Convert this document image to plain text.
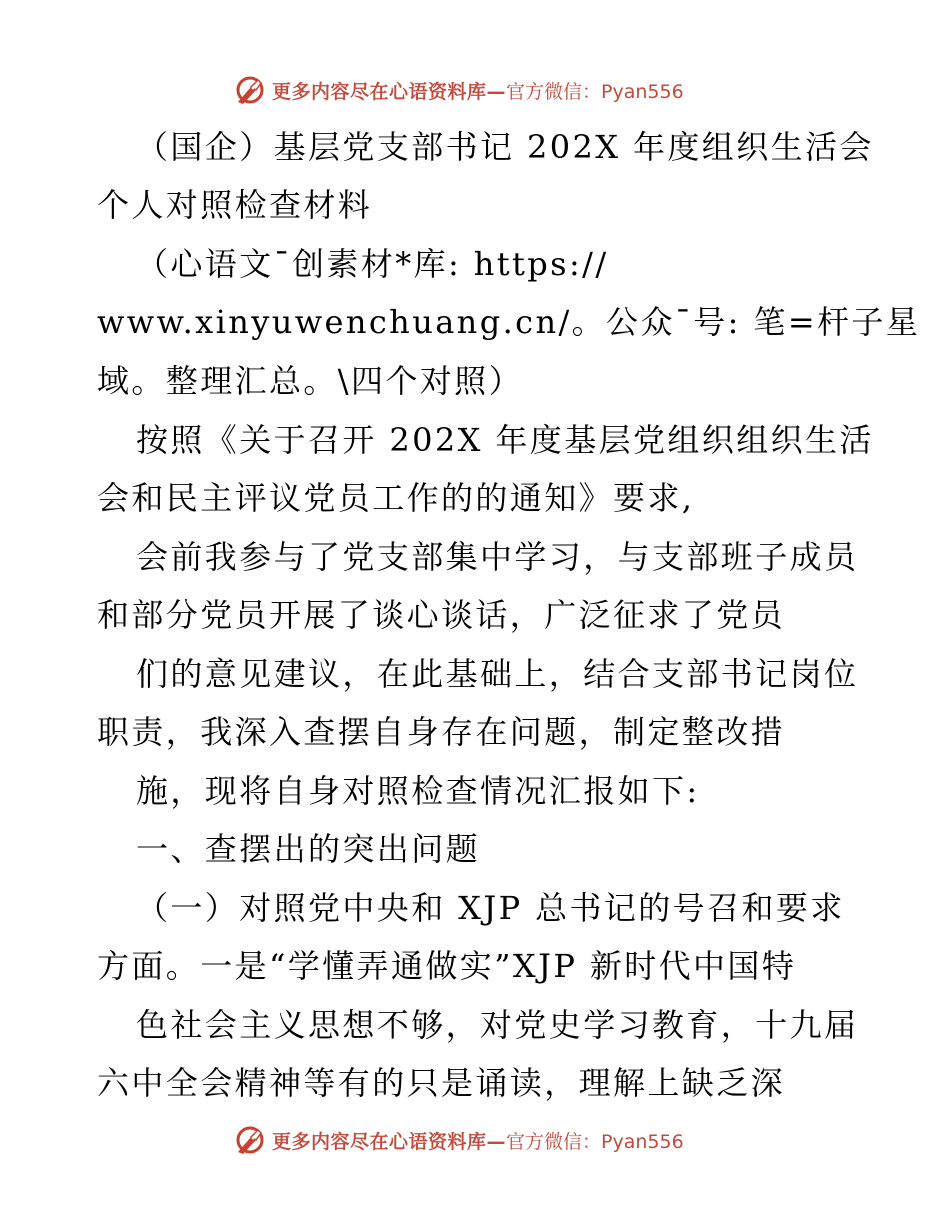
更多内容尽在心语资料库— 官方微信：Pyan556
（国企）基层党支部书记 202X 年度组织生活会
个人对照检查材料
（心语文¯创素材*库: https://
www.xinyuwenchuang.cn/。公众¯号: 笔=杆子星
域。整理汇总。\四个对照）
按照《关于召开 202X 年度基层党组织组织生活
会和民主评议党员工作的的通知》要求,
会前我参与了党支部集中学习，与支部班子成员
和部分党员开展了谈心谈话，广泛征求了党员
们的意见建议，在此基础上，结合支部书记岗位
职责，我深入查摆自身存在问题，制定整改措
施，现将自身对照检查情况汇报如下:
一、查摆出的突出问题
（一）对照党中央和 XJP 总书记的号召和要求
方面。一是“学懂弄通做实”XJP 新时代中国特
色社会主义思想不够，对党史学习教育，十九届
六中全会精神等有的只是诵读，理解上缺乏深
更多内容尽在心语资料库— 官方微信：Pyan556
